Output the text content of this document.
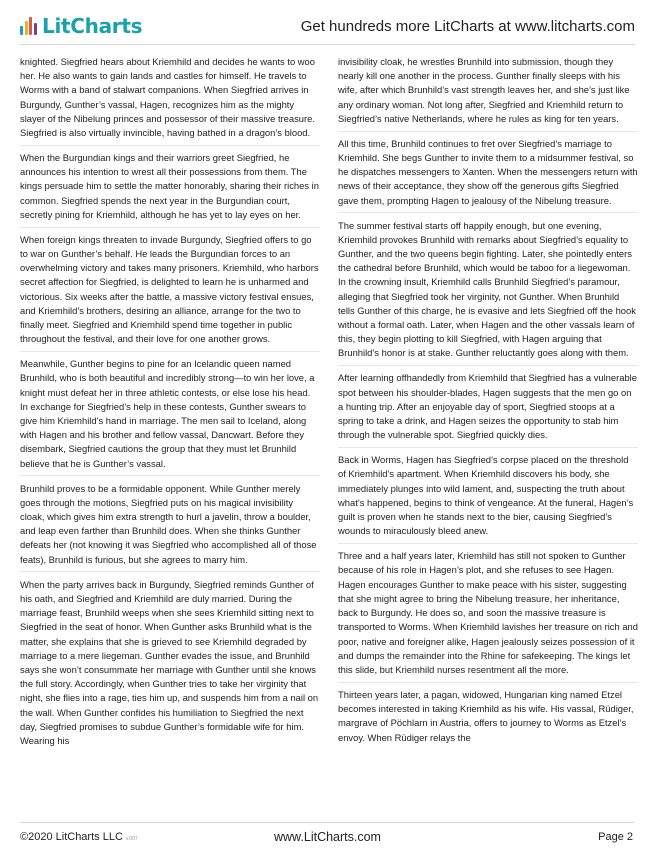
LitCharts	Get hundreds more LitCharts at www.litcharts.com

knighted. Siegfried hears about Kriemhild and decides he wants to woo her. He also wants to gain lands and castles for himself. He travels to Worms with a band of stalwart companions. When Siegfried arrives in Burgundy, Gunther’s vassal, Hagen, recognizes him as the mighty slayer of the Nibelung princes and possessor of their massive treasure. Siegfried is also virtually invincible, having bathed in a dragon’s blood.

When the Burgundian kings and their warriors greet Siegfried, he announces his intention to wrest all their possessions from them. The kings persuade him to settle the matter honorably, sharing their riches in common. Siegfried spends the next year in the Burgundian court, secretly pining for Kriemhild, although he has yet to lay eyes on her.

When foreign kings threaten to invade Burgundy, Siegfried offers to go to war on Gunther’s behalf. He leads the Burgundian forces to an overwhelming victory and takes many prisoners. Kriemhild, who harbors secret affection for Siegfried, is delighted to learn he is unharmed and victorious. Six weeks after the battle, a massive victory festival ensues, and Kriemhild’s brothers, desiring an alliance, arrange for the two to finally meet. Siegfried and Kriemhild spend time together in public throughout the festival, and their love for one another grows.

Meanwhile, Gunther begins to pine for an Icelandic queen named Brunhild, who is both beautiful and incredibly strong—to win her love, a knight must defeat her in three athletic contests, or else lose his head. In exchange for Siegfried’s help in these contests, Gunther swears to give him Kriemhild’s hand in marriage. The men sail to Iceland, along with Hagen and his brother and fellow vassal, Dancwart. Before they disembark, Siegfried cautions the group that they must let Brunhild believe that he is Gunther’s vassal.

Brunhild proves to be a formidable opponent. While Gunther merely goes through the motions, Siegfried puts on his magical invisibility cloak, which gives him extra strength to hurl a javelin, throw a boulder, and leap even farther than Brunhild does. When she thinks Gunther defeats her (not knowing it was Siegfried who accomplished all of those feats), Brunhild is furious, but she agrees to marry him.

When the party arrives back in Burgundy, Siegfried reminds Gunther of his oath, and Siegfried and Kriemhild are duly married. During the marriage feast, Brunhild weeps when she sees Kriemhild sitting next to Siegfried in the seat of honor. When Gunther asks Brunhild what is the matter, she explains that she is grieved to see Kriemhild degraded by marriage to a mere liegeman. Gunther evades the issue, and Brunhild says she won’t consummate her marriage with Gunther until she knows the full story. Accordingly, when Gunther tries to take her virginity that night, she flies into a rage, ties him up, and suspends him from a nail on the wall. When Gunther confides his humiliation to Siegfried the next day, Siegfried promises to subdue Gunther’s formidable wife for him. Wearing his

invisibility cloak, he wrestles Brunhild into submission, though they nearly kill one another in the process. Gunther finally sleeps with his wife, after which Brunhild’s vast strength leaves her, and she’s just like any ordinary woman. Not long after, Siegfried and Kriemhild return to Siegfried’s native Netherlands, where he rules as king for ten years.

All this time, Brunhild continues to fret over Siegfried’s marriage to Kriemhild. She begs Gunther to invite them to a midsummer festival, so he dispatches messengers to Xanten. When the messengers return with news of their acceptance, they show off the generous gifts Siegfried gave them, prompting Hagen to jealousy of the Nibelung treasure.

The summer festival starts off happily enough, but one evening, Kriemhild provokes Brunhild with remarks about Siegfried’s equality to Gunther, and the two queens begin fighting. Later, she pointedly enters the cathedral before Brunhild, which would be taboo for a liegewoman. In the crowning insult, Kriemhild calls Brunhild Siegfried’s paramour, alleging that Siegfried took her virginity, not Gunther. When Brunhild tells Gunther of this charge, he is evasive and lets Siegfried off the hook without a formal oath. Later, when Hagen and the other vassals learn of this, they begin plotting to kill Siegfried, with Hagen arguing that Brunhild’s honor is at stake. Gunther reluctantly goes along with them.

After learning offhandedly from Kriemhild that Siegfried has a vulnerable spot between his shoulder-blades, Hagen suggests that the men go on a hunting trip. After an enjoyable day of sport, Siegfried stoops at a spring to take a drink, and Hagen seizes the opportunity to stab him through the vulnerable spot. Siegfried quickly dies.

Back in Worms, Hagen has Siegfried’s corpse placed on the threshold of Kriemhild’s apartment. When Kriemhild discovers his body, she immediately plunges into wild lament, and, suspecting the truth about what’s happened, begins to think of vengeance. At the funeral, Hagen’s guilt is proven when he stands next to the bier, causing Siegfried’s wounds to miraculously bleed anew.

Three and a half years later, Kriemhild has still not spoken to Gunther because of his role in Hagen’s plot, and she refuses to see Hagen. Hagen encourages Gunther to make peace with his sister, suggesting that she might agree to bring the Nibelung treasure, her inheritance, back to Burgundy. He does so, and soon the massive treasure is transported to Worms. When Kriemhild lavishes her treasure on rich and poor, native and foreigner alike, Hagen jealously seizes possession of it and dumps the remainder into the Rhine for safekeeping. The kings let this slide, but Kriemhild nurses resentment all the more.

Thirteen years later, a pagan, widowed, Hungarian king named Etzel becomes interested in taking Kriemhild as his wife. His vassal, Rüdiger, margrave of Pöchlarn in Austria, offers to journey to Worms as Etzel’s envoy. When Rüdiger relays the

©2020 LitCharts LLC v.007	www.LitCharts.com	Page 2
